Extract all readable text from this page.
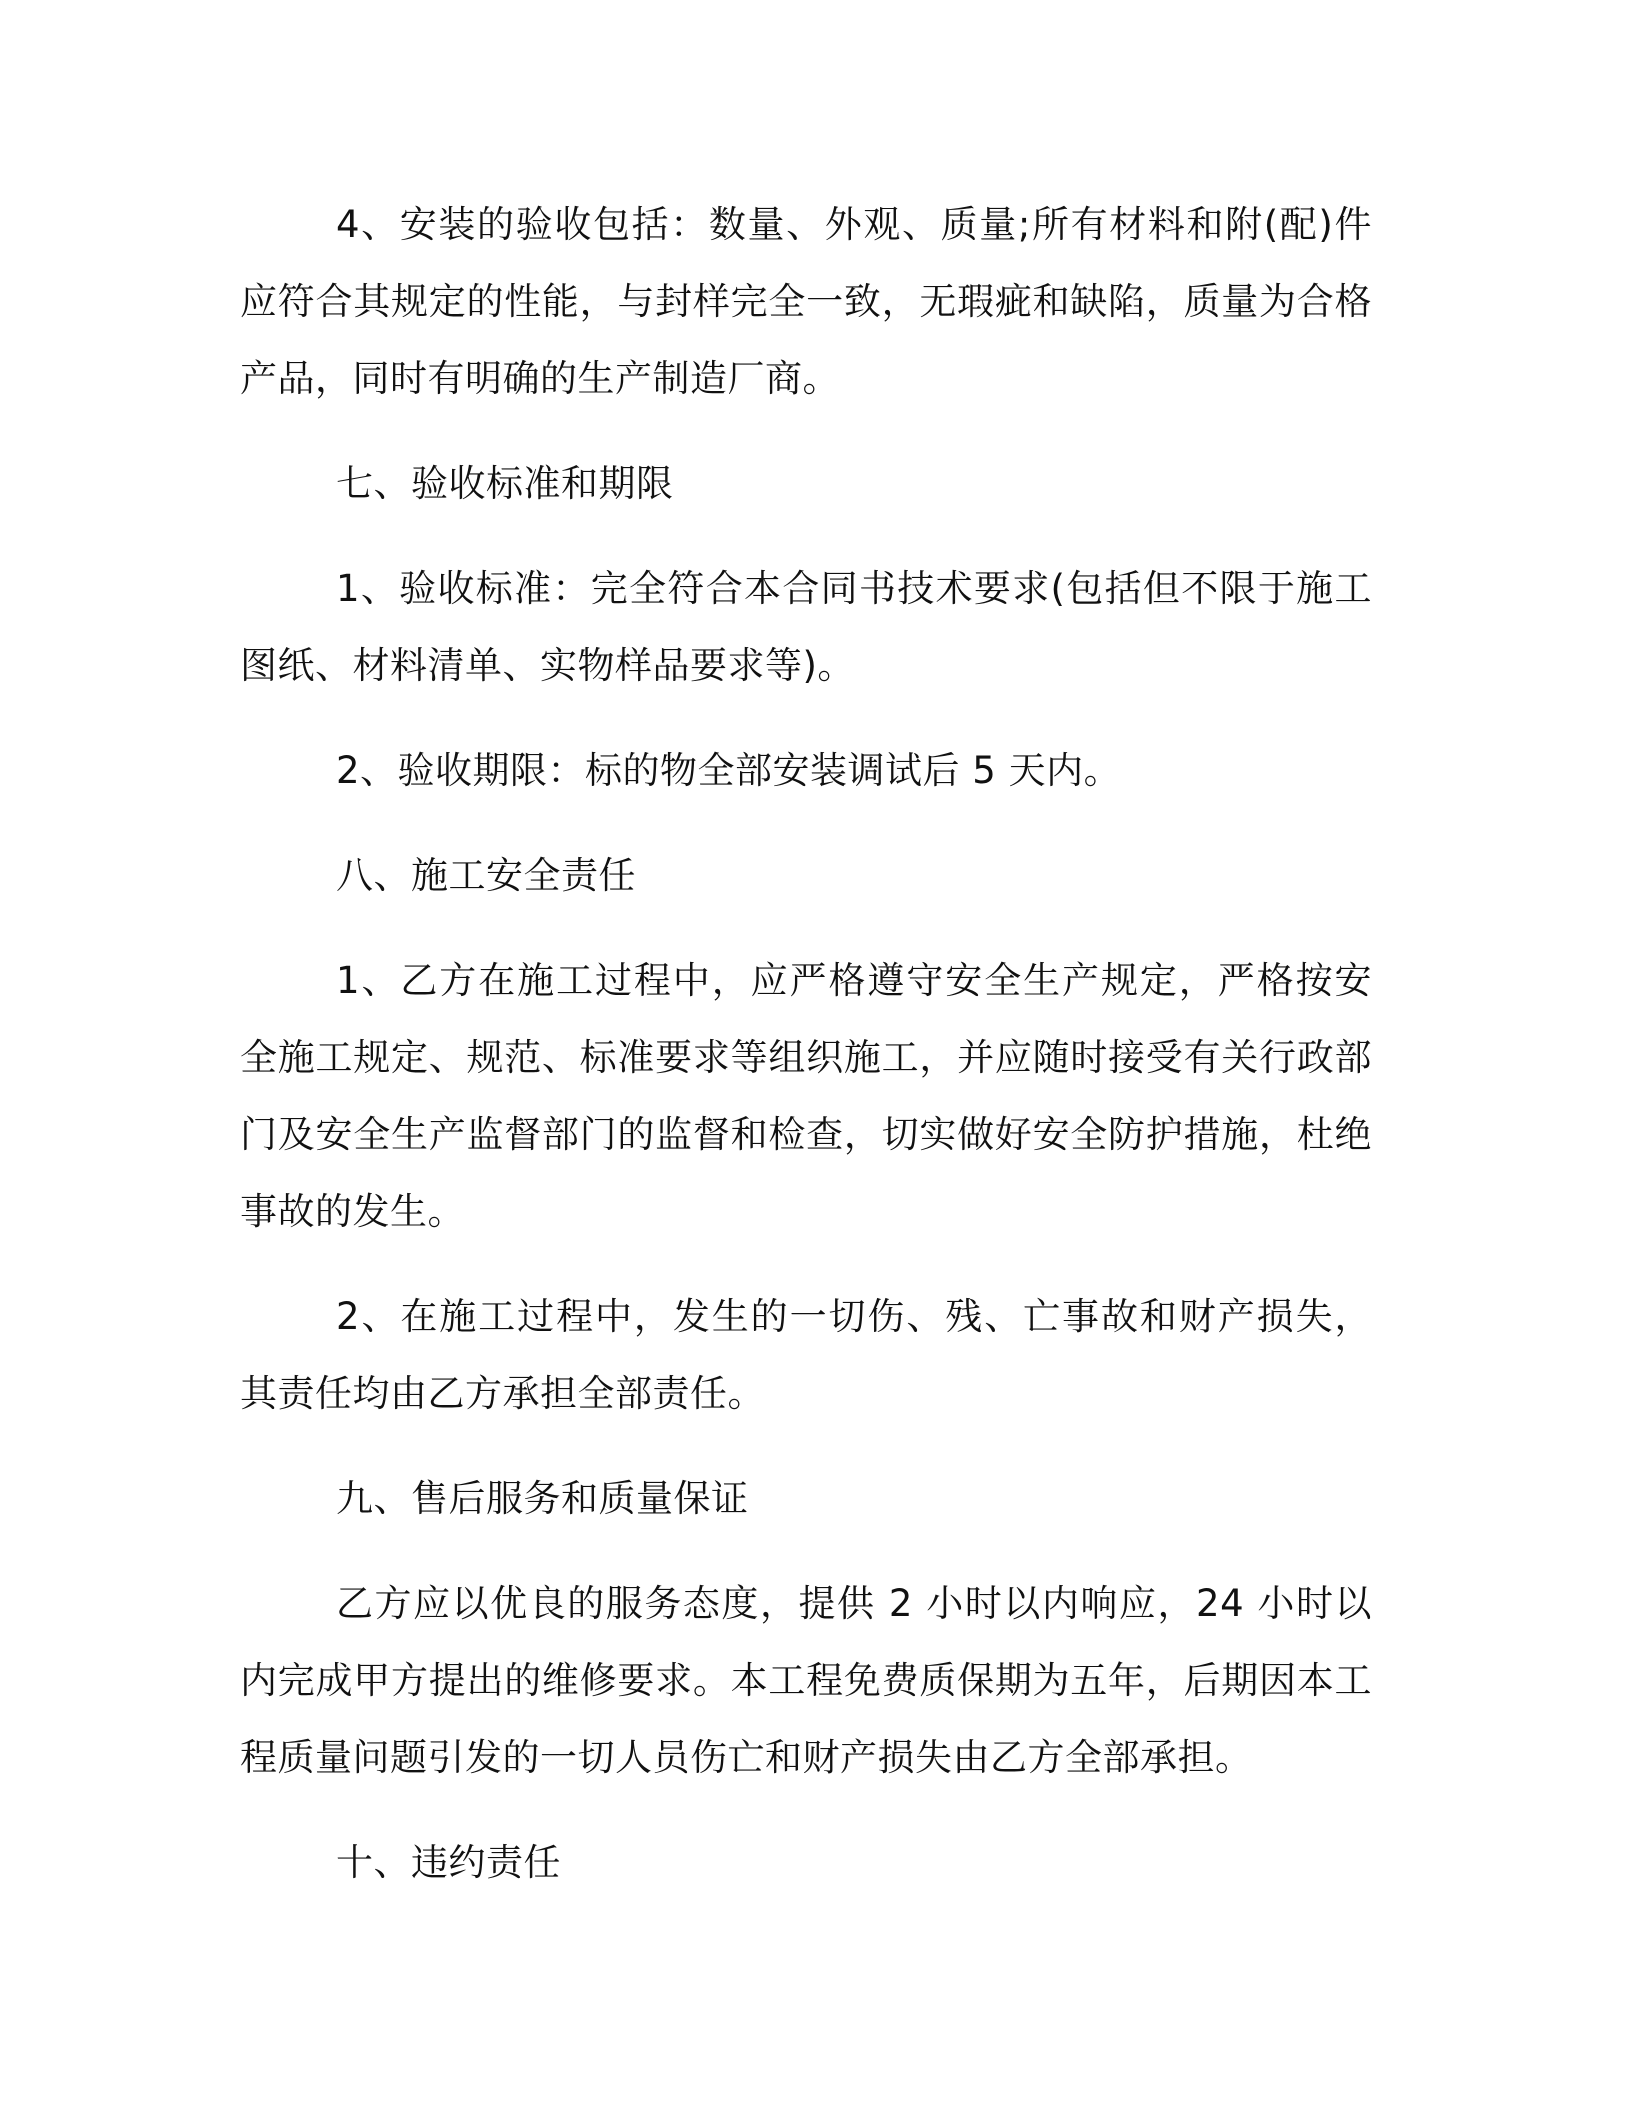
4、安装的验收包括：数量、外观、质量;所有材料和附(配)件应符合其规定的性能，与封样完全一致，无瑕疵和缺陷，质量为合格产品，同时有明确的生产制造厂商。

七、验收标准和期限

1、验收标准：完全符合本合同书技术要求(包括但不限于施工图纸、材料清单、实物样品要求等)。

2、验收期限：标的物全部安装调试后 5 天内。

八、施工安全责任

1、乙方在施工过程中，应严格遵守安全生产规定，严格按安全施工规定、规范、标准要求等组织施工，并应随时接受有关行政部门及安全生产监督部门的监督和检查，切实做好安全防护措施，杜绝事故的发生。

2、在施工过程中，发生的一切伤、残、亡事故和财产损失，其责任均由乙方承担全部责任。

九、售后服务和质量保证

乙方应以优良的服务态度，提供 2 小时以内响应，24 小时以内完成甲方提出的维修要求。本工程免费质保期为五年，后期因本工程质量问题引发的一切人员伤亡和财产损失由乙方全部承担。

十、违约责任
